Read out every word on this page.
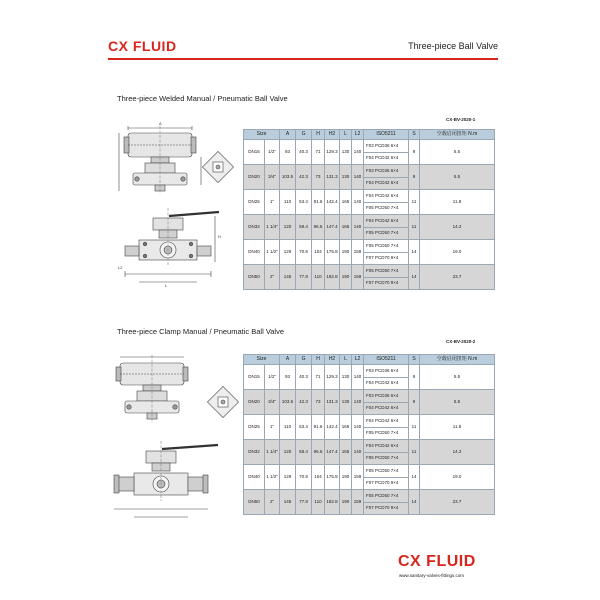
CX FLUID	Three-piece Ball Valve
Three-piece Welded Manual / Pneumatic Ball Valve
CX-BV-2020-1
L2
L
H
A
Size		A	G	H	H2	L	L2	ISO5211	S	空载启闭扭矩 N.m
DN15	1/2"	93	40.3	71	129.3	130	140	F03 PCD36 6×4	9	5.5
								F04 PCD42 6×4		
DN20	3/4"	103.5	42.3	73	131.3	130	140	F03 PCD36 6×4	9	5.5
								F04 PCD42 6×4		
DN25	1"	110	53.4	91.6	142.4	165	140	F04 PCD42 6×4	11	11.8
								F05 PCD50 7×4		
DN32	1 1/4"	120	58.4	96.6	147.4	165	140	F04 PCD42 6×4	11	14.2
								F05 PCD50 7×4		
DN40	1 1/2"	129	70.8	104	175.8	190	159	F05 PCD50 7×4	14	19.0
								F07 PCD70 9×4		
DN50	2"	145	77.8	110	182.8	190	159	F05 PCD50 7×4	14	23.7
								F07 PCD70 9×4		
Three-piece Clamp Manual / Pneumatic Ball Valve
CX-BV-2020-2
Size		A	G	H	H2	L	L2	ISO5211	S	空载启闭扭矩 N.m
DN15	1/2"	93	40.3	71	129.3	130	140	F03 PCD36 6×4	9	5.5
								F04 PCD42 6×4		
DN20	3/4"	103.5	42.3	73	131.3	130	140	F03 PCD36 6×4	9	5.5
								F04 PCD42 6×4		
DN25	1"	110	53.4	91.6	142.4	165	140	F04 PCD42 6×4	11	11.8
								F05 PCD50 7×4		
DN32	1 1/4"	120	58.4	96.6	147.4	165	140	F04 PCD42 6×4	11	14.2
								F05 PCD50 7×4		
DN40	1 1/2"	129	70.8	104	175.8	190	159	F05 PCD50 7×4	14	19.0
								F07 PCD70 9×4		
DN50	2"	145	77.8	110	182.8	190	159	F05 PCD50 7×4	14	23.7
								F07 PCD70 9×4		
CX FLUID
www.sanitary-valves-fittings.com
